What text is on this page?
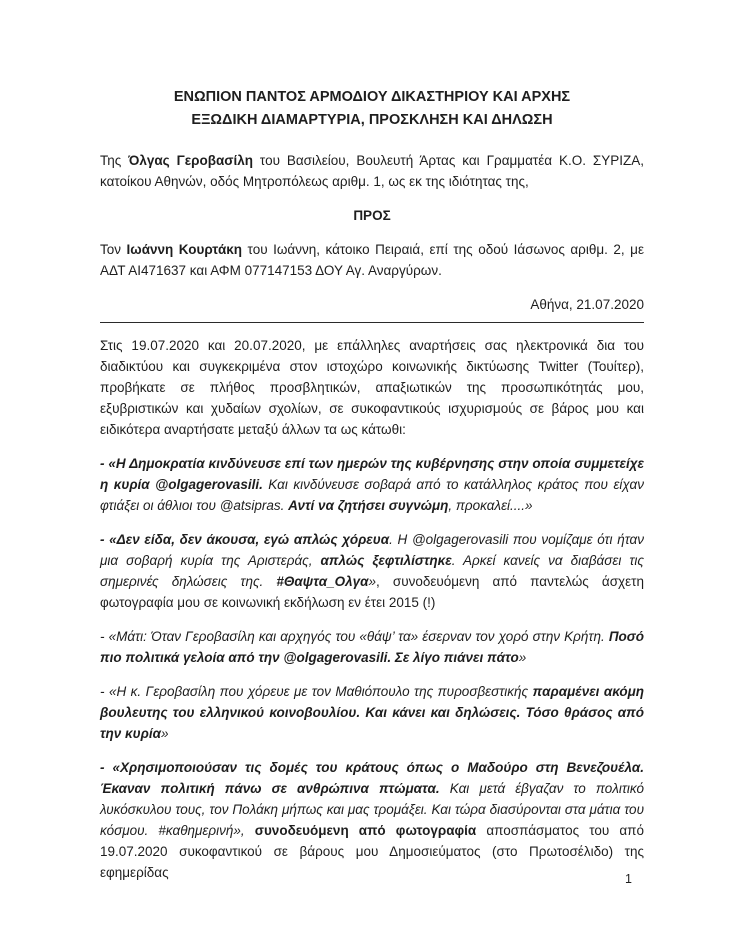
ΕΝΩΠΙΟΝ ΠΑΝΤΟΣ ΑΡΜΟΔΙΟΥ ΔΙΚΑΣΤΗΡΙΟΥ ΚΑΙ ΑΡΧΗΣ
ΕΞΩΔΙΚΗ ΔΙΑΜΑΡΤΥΡΙΑ, ΠΡΟΣΚΛΗΣΗ ΚΑΙ ΔΗΛΩΣΗ

Της Όλγας Γεροβασίλη του Βασιλείου, Βουλευτή Άρτας και Γραμματέα Κ.Ο. ΣΥΡΙΖΑ, κατοίκου Αθηνών, οδός Μητροπόλεως αριθμ. 1, ως εκ της ιδιότητας της,

ΠΡΟΣ

Τον Ιωάννη Κουρτάκη του Ιωάννη, κάτοικο Πειραιά, επί της οδού Ιάσωνος αριθμ. 2, με ΑΔΤ ΑΙ471637 και ΑΦΜ 077147153 ΔΟΥ Αγ. Αναργύρων.

Αθήνα, 21.07.2020

Στις 19.07.2020 και 20.07.2020, με επάλληλες αναρτήσεις σας ηλεκτρονικά δια του διαδικτύου και συγκεκριμένα στον ιστοχώρο κοινωνικής δικτύωσης Twitter (Τουίτερ), προβήκατε σε πλήθος προσβλητικών, απαξιωτικών της προσωπικότητάς μου, εξυβριστικών και χυδαίων σχολίων, σε συκοφαντικούς ισχυρισμούς σε βάρος μου και ειδικότερα αναρτήσατε μεταξύ άλλων τα ως κάτωθι:

- «Η Δημοκρατία κινδύνευσε επί των ημερών της κυβέρνησης στην οποία συμμετείχε η κυρία @olgagerovasili. Και κινδύνευσε σοβαρά από το κατάλληλος κράτος που είχαν φτιάξει οι άθλιοι του @atsipras. Αντί να ζητήσει συγνώμη, προκαλεί....»

- «Δεν είδα, δεν άκουσα, εγώ απλώς χόρευα. Η @olgagerovasili που νομίζαμε ότι ήταν μια σοβαρή κυρία της Αριστεράς, απλώς ξεφτιλίστηκε. Αρκεί κανείς να διαβάσει τις σημερινές δηλώσεις της. #Θαψτα_Ολγα», συνοδευόμενη από παντελώς άσχετη φωτογραφία μου σε κοινωνική εκδήλωση εν έτει 2015 (!)

- «Μάτι: Όταν Γεροβασίλη και αρχηγός του «θάψ’ τα» έσερναν τον χορό στην Κρήτη. Ποσό πιο πολιτικά γελοία από την @olgagerovasili. Σε λίγο πιάνει πάτο»

- «Η κ. Γεροβασίλη που χόρευε με τον Μαθιόπουλο της πυροσβεστικής παραμένει ακόμη βουλευτης του ελληνικού κοινοβουλίου. Και κάνει και δηλώσεις. Τόσο θράσος από την κυρία»

- «Χρησιμοποιούσαν τις δομές του κράτους όπως ο Μαδούρο στη Βενεζουέλα. Έκαναν πολιτική πάνω σε ανθρώπινα πτώματα. Και μετά έβγαζαν το πολιτικό λυκόσκυλου τους, τον Πολάκη μήπως και μας τρομάξει. Και τώρα διασύρονται στα μάτια του κόσμου. #καθημερινή», συνοδευόμενη από φωτογραφία αποσπάσματος του από 19.07.2020 συκοφαντικού σε βάρους μου Δημοσιεύματος (στο Πρωτοσέλιδο) της εφημερίδας	1
